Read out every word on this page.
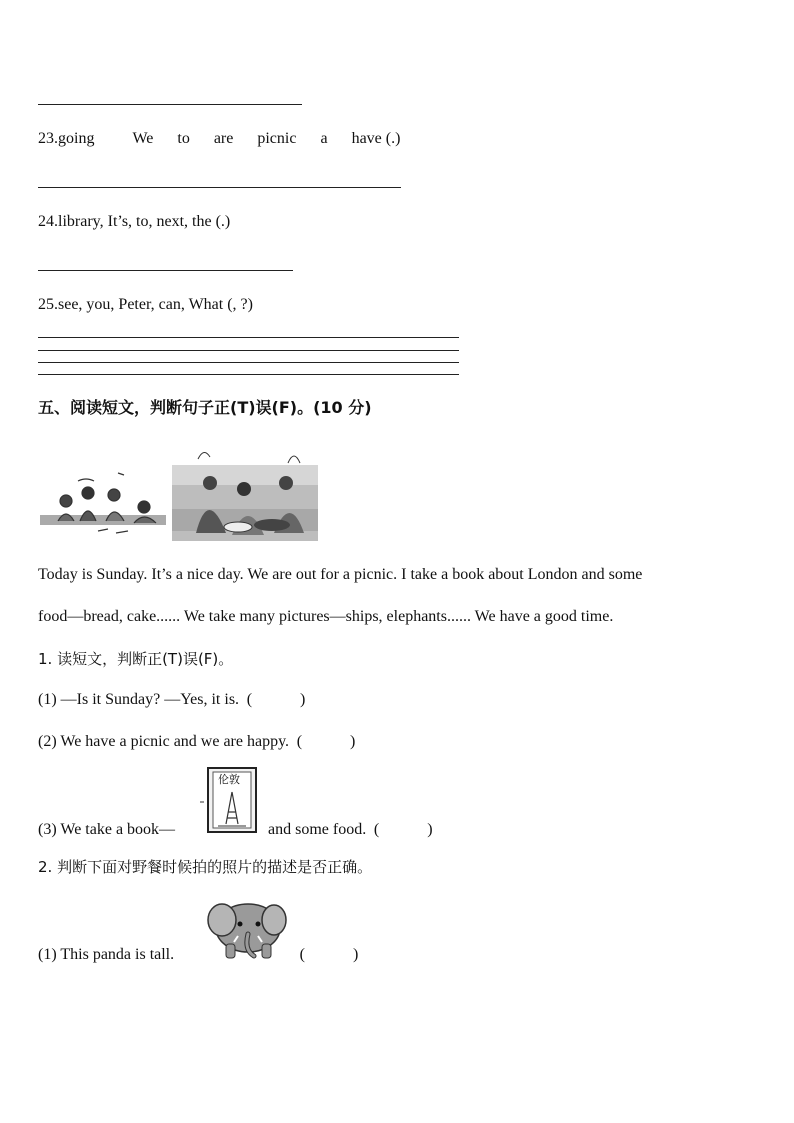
23.going We to are picnic a have (.)
24.library, It’s, to, next, the (.)
25.see, you, Peter, can, What (, ?)
五、阅读短文，判断句子正(T)误(F)。(10 分)
Today is Sunday. It’s a nice day. We are out for a picnic. I take a book about London and some
food—bread, cake...... We take many pictures—ships, elephants...... We have a good time.
1. 读短文，判断正(T)误(F)。
(1) —Is it Sunday? —Yes, it is. (	)
(2) We have a picnic and we are happy. (	)
伦敦
(3) We take a book—	and some food. (	)
2. 判断下面对野餐时候拍的照片的描述是否正确。
(1) This panda is tall.	(	)
